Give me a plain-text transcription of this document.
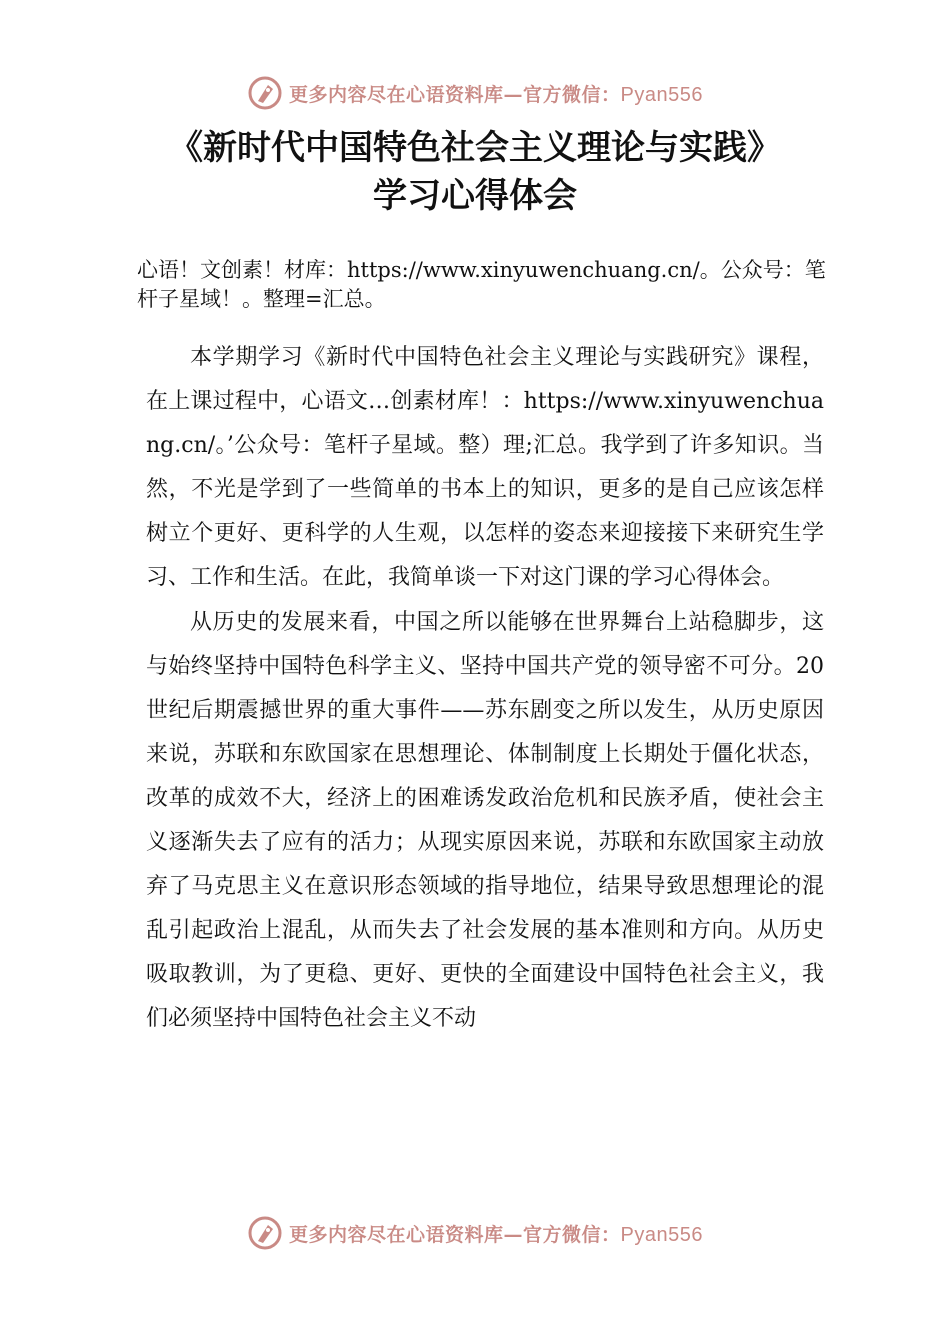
更多内容尽在心语资料库—官方微信：Pyan556
《新时代中国特色社会主义理论与实践》
学习心得体会
心语！文创素！材库：https://www.xinyuwenchuang.cn/。公众号：笔杆子星域！。整理=汇总。

本学期学习《新时代中国特色社会主义理论与实践研究》课程，在上课过程中，心语文…创素材库！：https://www.xinyuwenchuang.cn/。’公众号：笔杆子星域。整）理;汇总。我学到了许多知识。当然，不光是学到了一些简单的书本上的知识，更多的是自己应该怎样树立个更好、更科学的人生观，以怎样的姿态来迎接接下来研究生学习、工作和生活。在此，我简单谈一下对这门课的学习心得体会。

从历史的发展来看，中国之所以能够在世界舞台上站稳脚步，这与始终坚持中国特色科学主义、坚持中国共产党的领导密不可分。20世纪后期震撼世界的重大事件——苏东剧变之所以发生，从历史原因来说，苏联和东欧国家在思想理论、体制制度上长期处于僵化状态，改革的成效不大，经济上的困难诱发政治危机和民族矛盾，使社会主义逐渐失去了应有的活力；从现实原因来说，苏联和东欧国家主动放弃了马克思主义在意识形态领域的指导地位，结果导致思想理论的混乱引起政治上混乱，从而失去了社会发展的基本准则和方向。从历史吸取教训，为了更稳、更好、更快的全面建设中国特色社会主义，我们必须坚持中国特色社会主义不动

更多内容尽在心语资料库—官方微信：Pyan556
